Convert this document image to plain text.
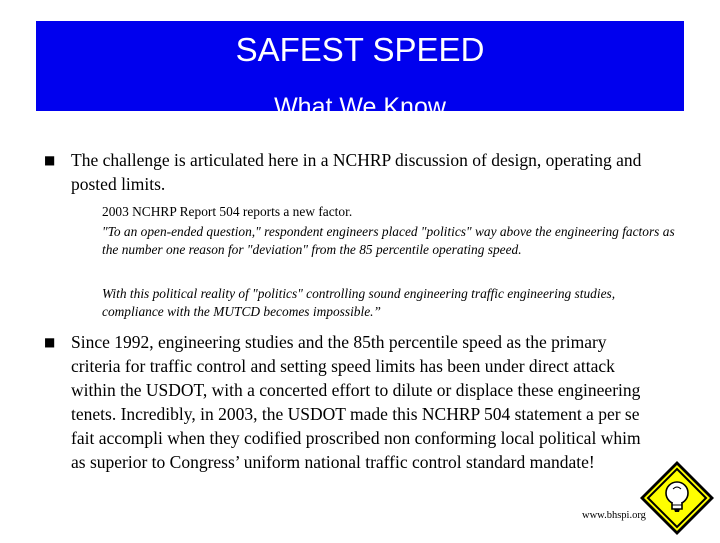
SAFEST SPEED
What We Know
■ The challenge is articulated here in a NCHRP discussion of design, operating and posted limits.
2003 NCHRP Report 504 reports a new factor.
"To an open-ended question," respondent engineers placed "politics" way above the engineering factors as the number one reason for "deviation" from the 85 percentile operating speed.
With this political reality of "politics" controlling sound engineering traffic engineering studies, compliance with the MUTCD becomes impossible.”
■ Since 1992, engineering studies and the 85th percentile speed as the primary criteria for traffic control and setting speed limits has been under direct attack within the USDOT, with a concerted effort to dilute or displace these engineering tenets. Incredibly, in 2003, the USDOT made this NCHRP 504 statement a per se fait accompli when they codified proscribed non conforming local political whim as superior to Congress’ uniform national traffic control standard mandate!
www.bhspi.org
